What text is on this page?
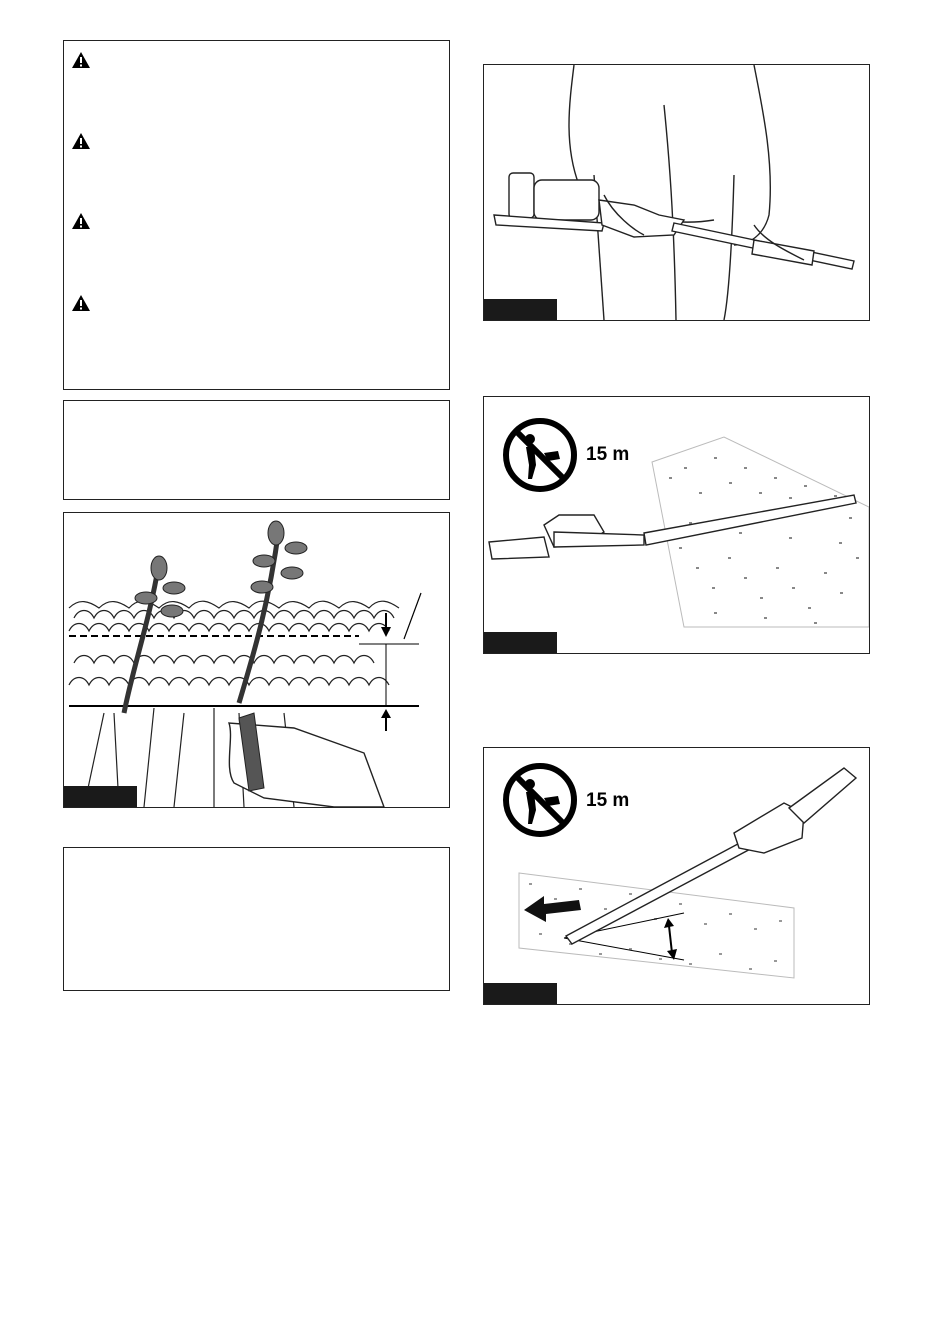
15 m
15 m
